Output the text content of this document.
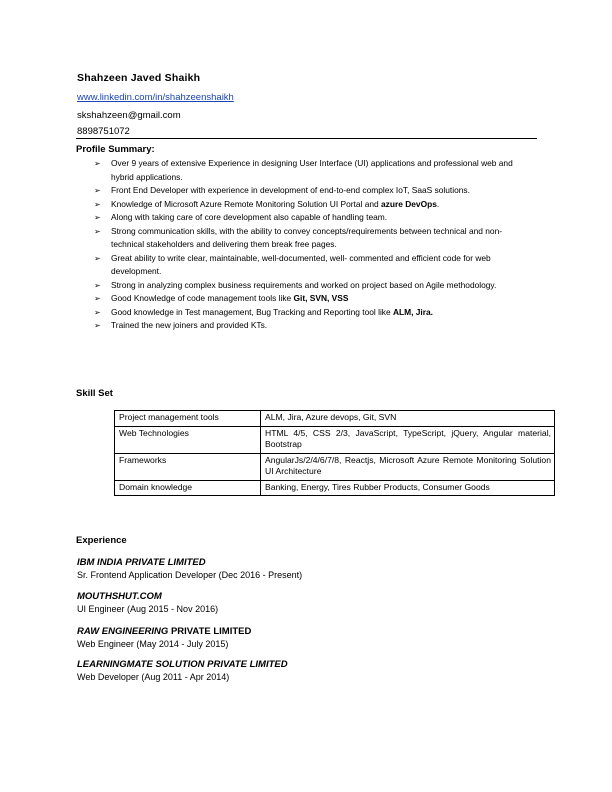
Shahzeen Javed Shaikh
www.linkedin.com/in/shahzeenshaikh
skshahzeen@gmail.com
8898751072
Profile Summary:
➢ Over 9 years of extensive Experience in designing User Interface (UI) applications and professional web and hybrid applications.
➢ Front End Developer with experience in development of end-to-end complex IoT, SaaS solutions.
➢ Knowledge of Microsoft Azure Remote Monitoring Solution UI Portal and azure DevOps.
➢ Along with taking care of core development also capable of handling team.
➢ Strong communication skills, with the ability to convey concepts/requirements between technical and non-technical stakeholders and delivering them break free pages.
➢ Great ability to write clear, maintainable, well-documented, well- commented and efficient code for web development.
➢ Strong in analyzing complex business requirements and worked on project based on Agile methodology.
➢ Good Knowledge of code management tools like Git, SVN, VSS
➢ Good knowledge in Test management, Bug Tracking and Reporting tool like ALM, Jira.
➢ Trained the new joiners and provided KTs.
Skill Set
Project management tools	ALM, Jira, Azure devops, Git, SVN
Web Technologies	HTML 4/5, CSS 2/3, JavaScript, TypeScript, jQuery, Angular material, Bootstrap
Frameworks	AngularJs/2/4/6/7/8, Reactjs, Microsoft Azure Remote Monitoring Solution UI Architecture
Domain knowledge	Banking, Energy, Tires Rubber Products, Consumer Goods
Experience
IBM INDIA PRIVATE LIMITED
Sr. Frontend Application Developer (Dec 2016 - Present)
MOUTHSHUT.COM
UI Engineer (Aug 2015 - Nov 2016)
RAW ENGINEERING PRIVATE LIMITED
Web Engineer (May 2014 - July 2015)
LEARNINGMATE SOLUTION PRIVATE LIMITED
Web Developer (Aug 2011 - Apr 2014)
